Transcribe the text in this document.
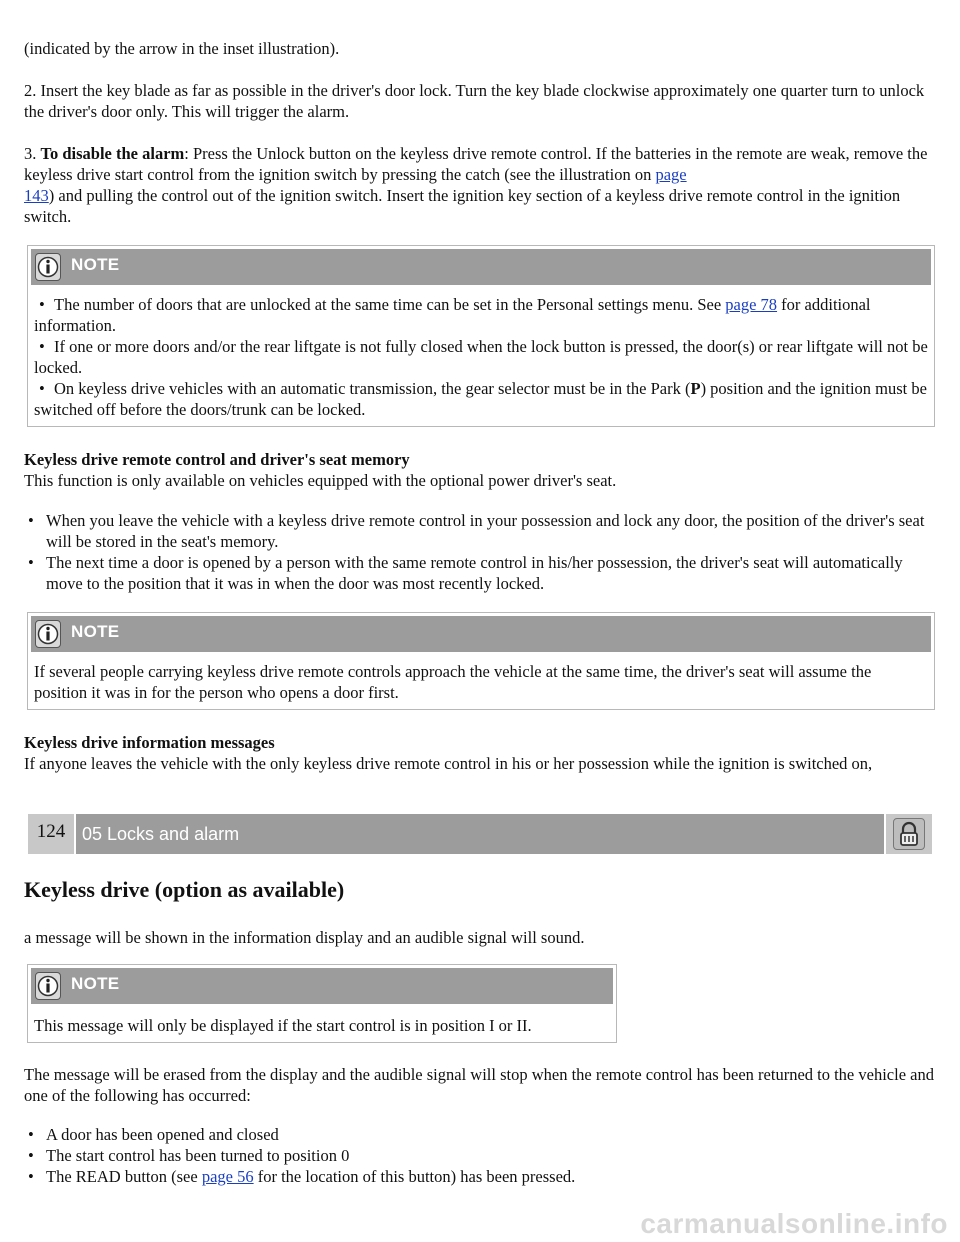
(indicated by the arrow in the inset illustration).

2. Insert the key blade as far as possible in the driver's door lock. Turn the key blade clockwise approximately one quarter turn to unlock the driver's door only. This will trigger the alarm.

3. To disable the alarm: Press the Unlock button on the keyless drive remote control. If the batteries in the remote are weak, remove the keyless drive start control from the ignition switch by pressing the catch (see the illustration on page
143) and pulling the control out of the ignition switch. Insert the ignition key section of a keyless drive remote control in the ignition switch.

NOTE
• The number of doors that are unlocked at the same time can be set in the Personal settings menu. See page 78 for additional information.
• If one or more doors and/or the rear liftgate is not fully closed when the lock button is pressed, the door(s) or rear liftgate will not be locked.
• On keyless drive vehicles with an automatic transmission, the gear selector must be in the Park (P) position and the ignition must be switched off before the doors/trunk can be locked.

Keyless drive remote control and driver's seat memory

This function is only available on vehicles equipped with the optional power driver's seat.

• When you leave the vehicle with a keyless drive remote control in your possession and lock any door, the position of the driver's seat will be stored in the seat's memory.
• The next time a door is opened by a person with the same remote control in his/her possession, the driver's seat will automatically move to the position that it was in when the door was most recently locked.
NOTE

If several people carrying keyless drive remote controls approach the vehicle at the same time, the driver's seat will assume the position it was in for the person who opens a door first.

Keyless drive information messages

If anyone leaves the vehicle with the only keyless drive remote control in his or her possession while the ignition is switched on,

124 05 Locks and alarm
Keyless drive (option as available)

a message will be shown in the information display and an audible signal will sound.

NOTE

This message will only be displayed if the start control is in position I or II.

The message will be erased from the display and the audible signal will stop when the remote control has been returned to the vehicle and one of the following has occurred:

• A door has been opened and closed
• The start control has been turned to position 0
• The READ button (see page 56 for the location of this button) has been pressed.
carmanualsonline.info
